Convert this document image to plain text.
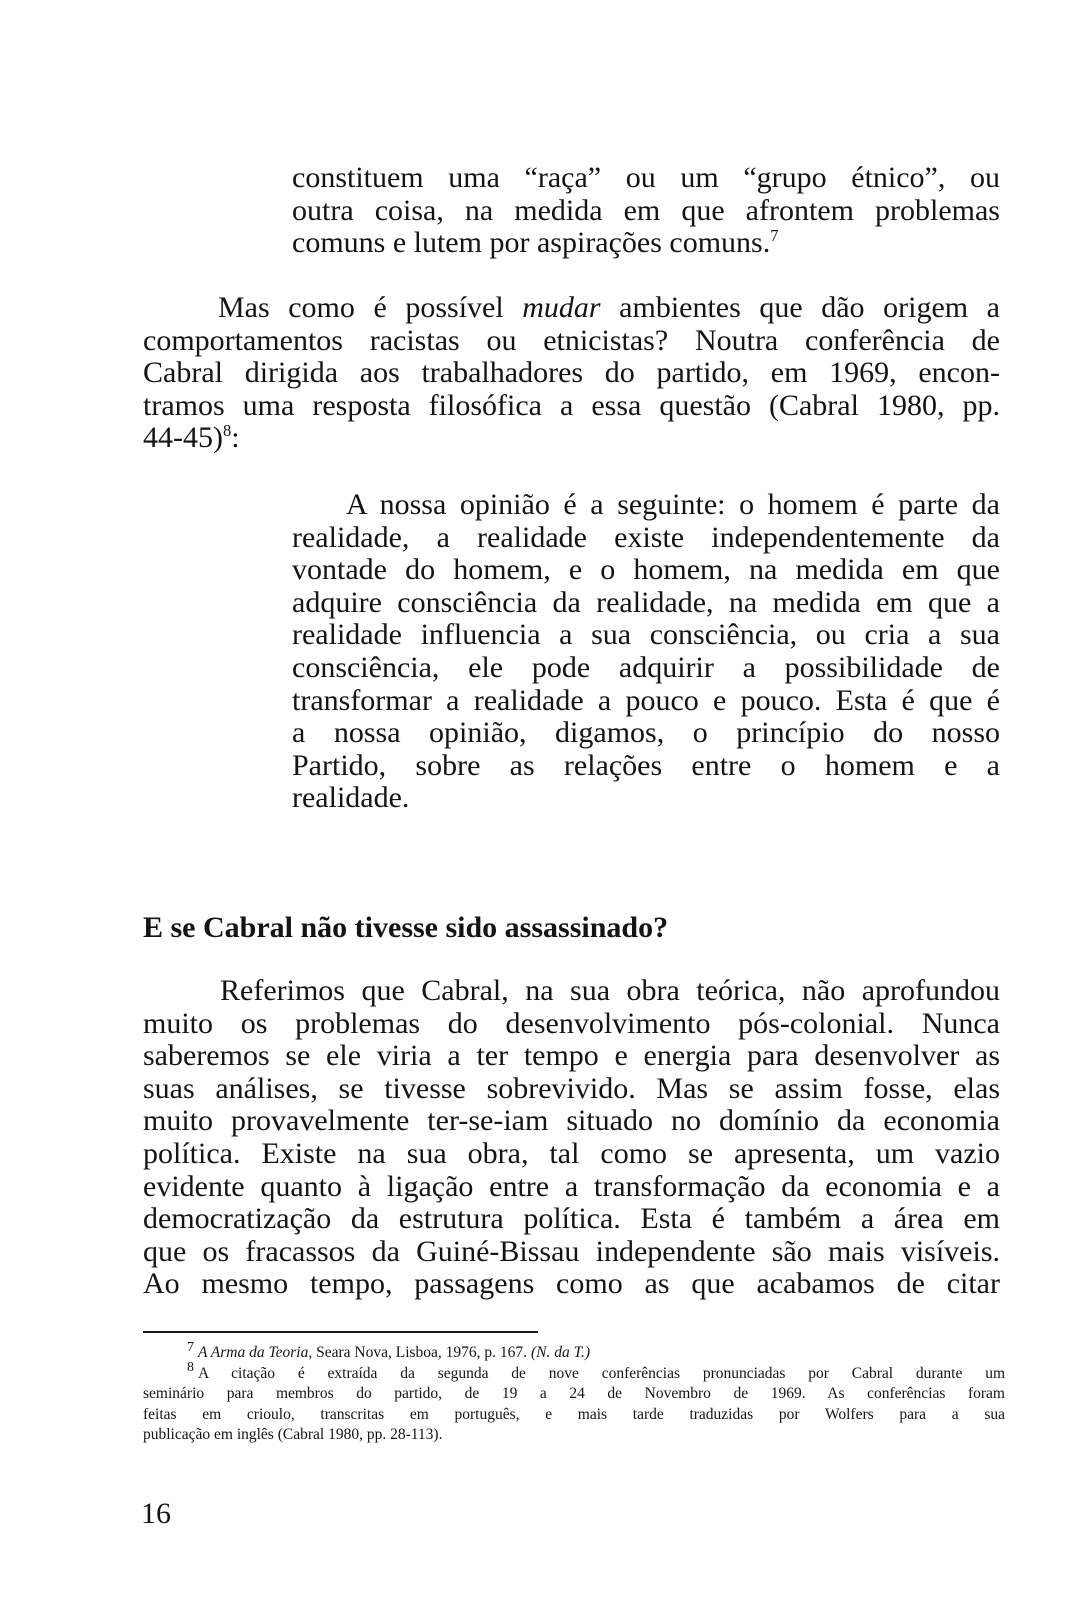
constituem uma “raça” ou um “grupo étnico”, ou
outra coisa, na medida em que afrontem problemas
comuns e lutem por aspirações comuns.$^7$
Mas como é possível mudar ambientes que dão origem a
comportamentos racistas ou etnicistas? Noutra conferência de
Cabral dirigida aos trabalhadores do partido, em 1969, encon-
tramos uma resposta filosófica a essa questão (Cabral 1980, pp.
44-45)$^8$:
A nossa opinião é a seguinte: o homem é parte da
realidade, a realidade existe independentemente da
vontade do homem, e o homem, na medida em que
adquire consciência da realidade, na medida em que a
realidade influencia a sua consciência, ou cria a sua
consciência, ele pode adquirir a possibilidade de
transformar a realidade a pouco e pouco. Esta é que é
a nossa opinião, digamos, o princípio do nosso
Partido, sobre as relações entre o homem e a
realidade.
E se Cabral não tivesse sido assassinado?
Referimos que Cabral, na sua obra teórica, não aprofundou
muito os problemas do desenvolvimento pós-colonial. Nunca
saberemos se ele viria a ter tempo e energia para desenvolver as
suas análises, se tivesse sobrevivido. Mas se assim fosse, elas
muito provavelmente ter-se-iam situado no domínio da economia
política. Existe na sua obra, tal como se apresenta, um vazio
evidente quanto à ligação entre a transformação da economia e a
democratização da estrutura política. Esta é também a área em
que os fracassos da Guiné-Bissau independente são mais visíveis.
Ao mesmo tempo, passagens como as que acabamos de citar
7 A Arma da Teoria, Seara Nova, Lisboa, 1976, p. 167. (N. da T.)
8 A citação é extraída da segunda de nove conferências pronunciadas por Cabral durante um
seminário para membros do partido, de 19 a 24 de Novembro de 1969. As conferências foram
feitas em crioulo, transcritas em português, e mais tarde traduzidas por Wolfers para a sua
publicação em inglês (Cabral 1980, pp. 28-113).
16
